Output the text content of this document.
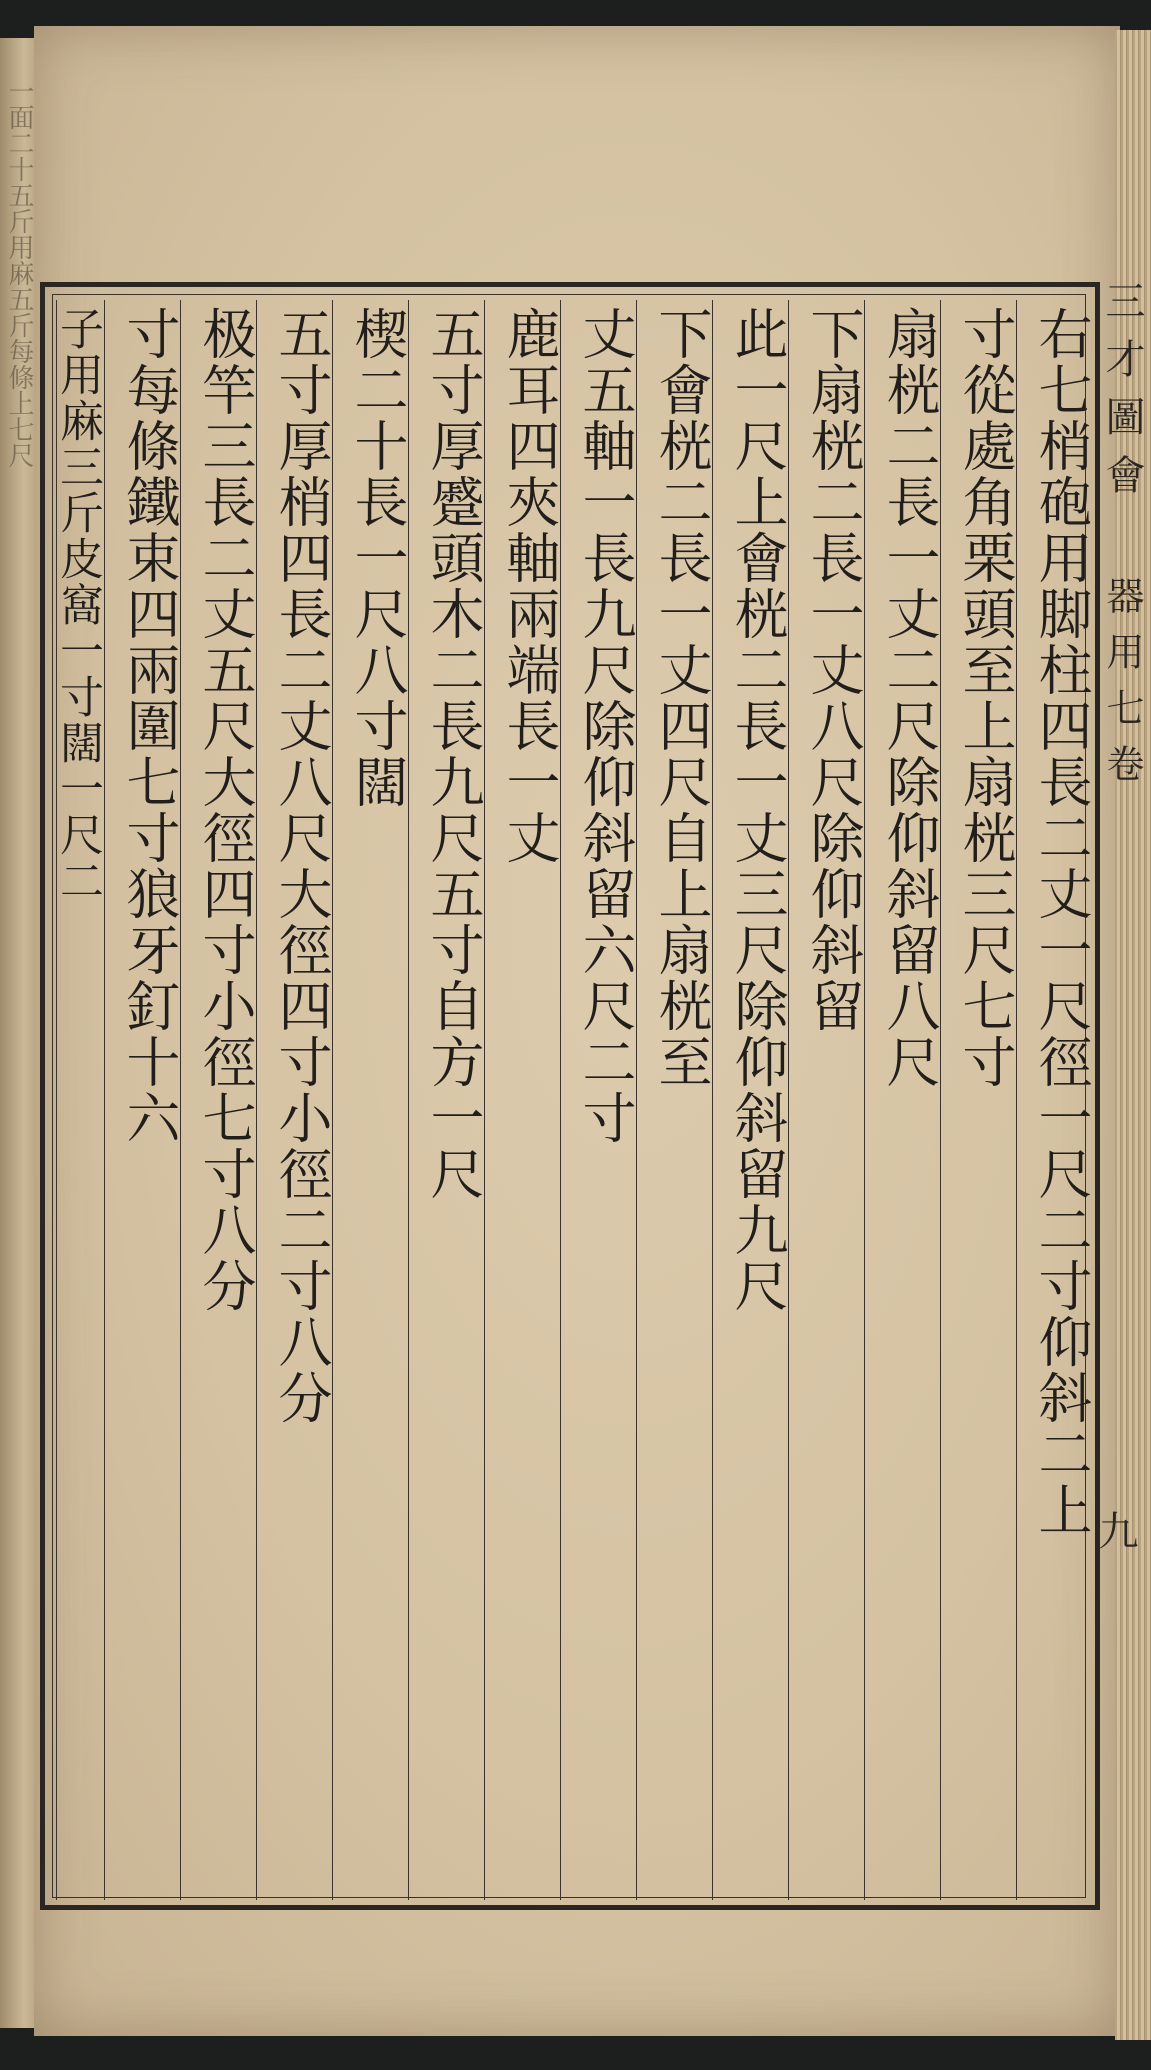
一面二十五斤用麻五斤每條上七尺	三才圖會 器用七卷
九
右七梢砲用脚柱四長二丈一尺徑一尺二寸仰斜二上
寸從處角栗頭至上扇桄三尺七寸
扇桄二長一丈二尺除仰斜留八尺
下扇桄二長一丈八尺除仰斜留
此一尺上會桄二長一丈三尺除仰斜留九尺
下會桄二長一丈四尺自上扇桄至
丈五軸一長九尺除仰斜留六尺二寸
鹿耳四夾軸兩端長一丈
五寸厚蹙頭木二長九尺五寸自方一尺
楔二十長一尺八寸闊
五寸厚梢四長二丈八尺大徑四寸小徑二寸八分
极竿三長二丈五尺大徑四寸小徑七寸八分
寸每條鐵束四兩圍七寸狼牙釘十六
子用麻三斤皮窩一寸闊一尺二
